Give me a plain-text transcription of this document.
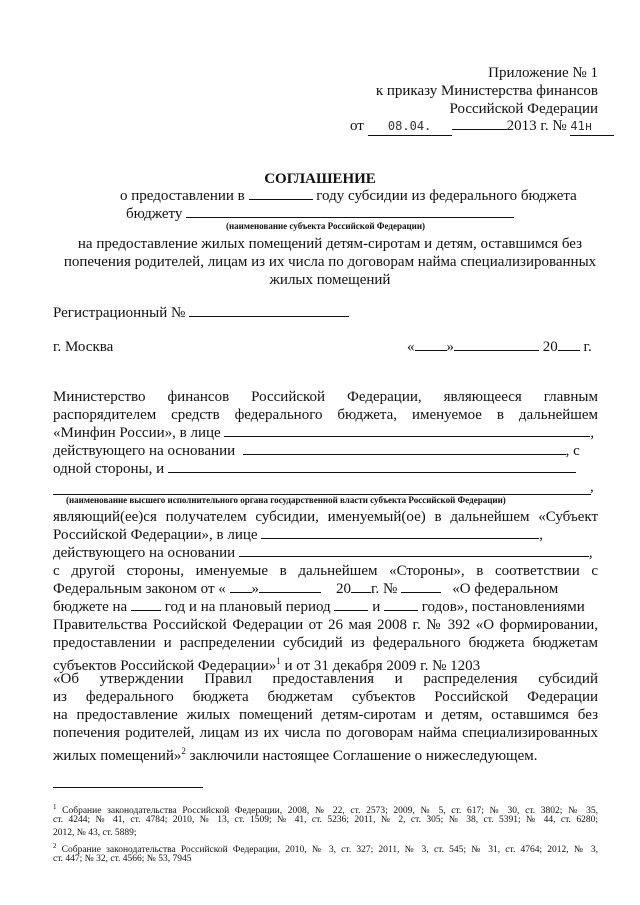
Приложение № 1
к приказу Министерства финансов
Российской Федерации
от 08.04.	2013 г. № 41н
СОГЛАШЕНИЕ
о предоставлении в	году субсидии из федерального бюджета
бюджету
(наименование субъекта Российской Федерации)
на предоставление жилых помещений детям-сиротам и детям, оставшимся без
попечения родителей, лицам из их числа по договорам найма специализированных
жилых помещений
Регистрационный №
г. Москва	« »	20 г.
Министерство финансов Российской Федерации, являющееся главным
распорядителем средств федерального бюджета, именуемое в дальнейшем
«Минфин России», в лице	,
действующего на основании	, с
одной стороны, и
,
(наименование высшего исполнительного органа государственной власти субъекта Российской Федерации)
являющий(ее)ся получателем субсидии, именуемый(ое) в дальнейшем «Субъект
Российской Федерации», в лице	,
действующего на основании	,
с другой стороны, именуемые в дальнейшем «Стороны», в соответствии с
Федеральным законом от « »	20 г. №	«О федеральном
бюджете на	год и на плановый период	и	годов», постановлениями
Правительства Российской Федерации от 26 мая 2008 г. № 392 «О формировании,
предоставлении и распределении субсидий из федерального бюджета бюджетам
субъектов Российской Федерации»$^1$ и от 31 декабря 2009 г. № 1203
«Об утверждении Правил предоставления и распределения субсидий
из федерального бюджета бюджетам субъектов Российской Федерации
на предоставление жилых помещений детям-сиротам и детям, оставшимся без
попечения родителей, лицам из их числа по договорам найма специализированных
жилых помещений»$^2$ заключили настоящее Соглашение о нижеследующем.
$^1$ Собрание законодательства Российской Федерации, 2008, № 22, ст. 2573; 2009, № 5, ст. 617; № 30, ст. 3802; № 35,
ст. 4244; № 41, ст. 4784; 2010, № 13, ст. 1509; № 41, ст. 5236; 2011, № 2, ст. 305; № 38, ст. 5391; № 44, ст. 6280;
2012, № 43, ст. 5889;
$^2$ Собрание законодательства Российской Федерации, 2010, № 3, ст. 327; 2011, № 3, ст. 545; № 31, ст. 4764; 2012, № 3,
ст. 447; № 32, ст. 4566; № 53, 7945
